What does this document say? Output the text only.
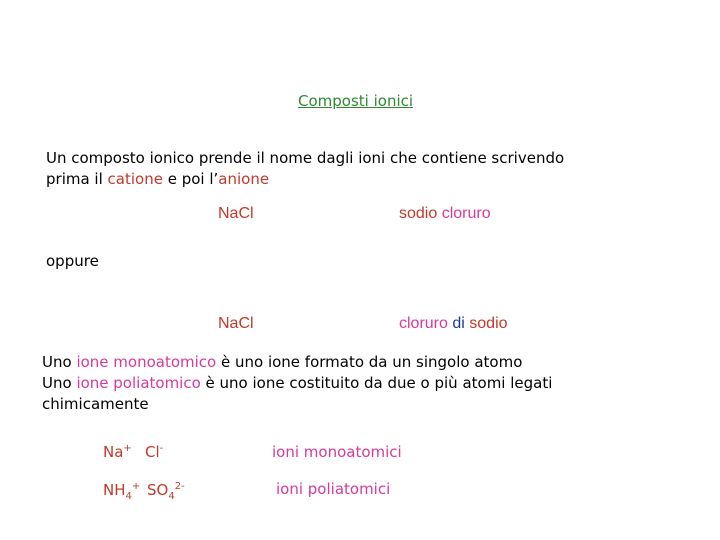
Composti ionici
Un composto ionico prende il nome dagli ioni che contiene scrivendo
prima il catione e poi l’anione
NaCl	sodio cloruro
oppure
NaCl	cloruro di sodio
Uno ione monoatomico è uno ione formato da un singolo atomo
Uno ione poliatomico è uno ione costituito da due o più atomi legati
chimicamente
Na+ Cl-	ioni monoatomici
$NH_4^+$ $SO_4^{2-}$	ioni poliatomici
